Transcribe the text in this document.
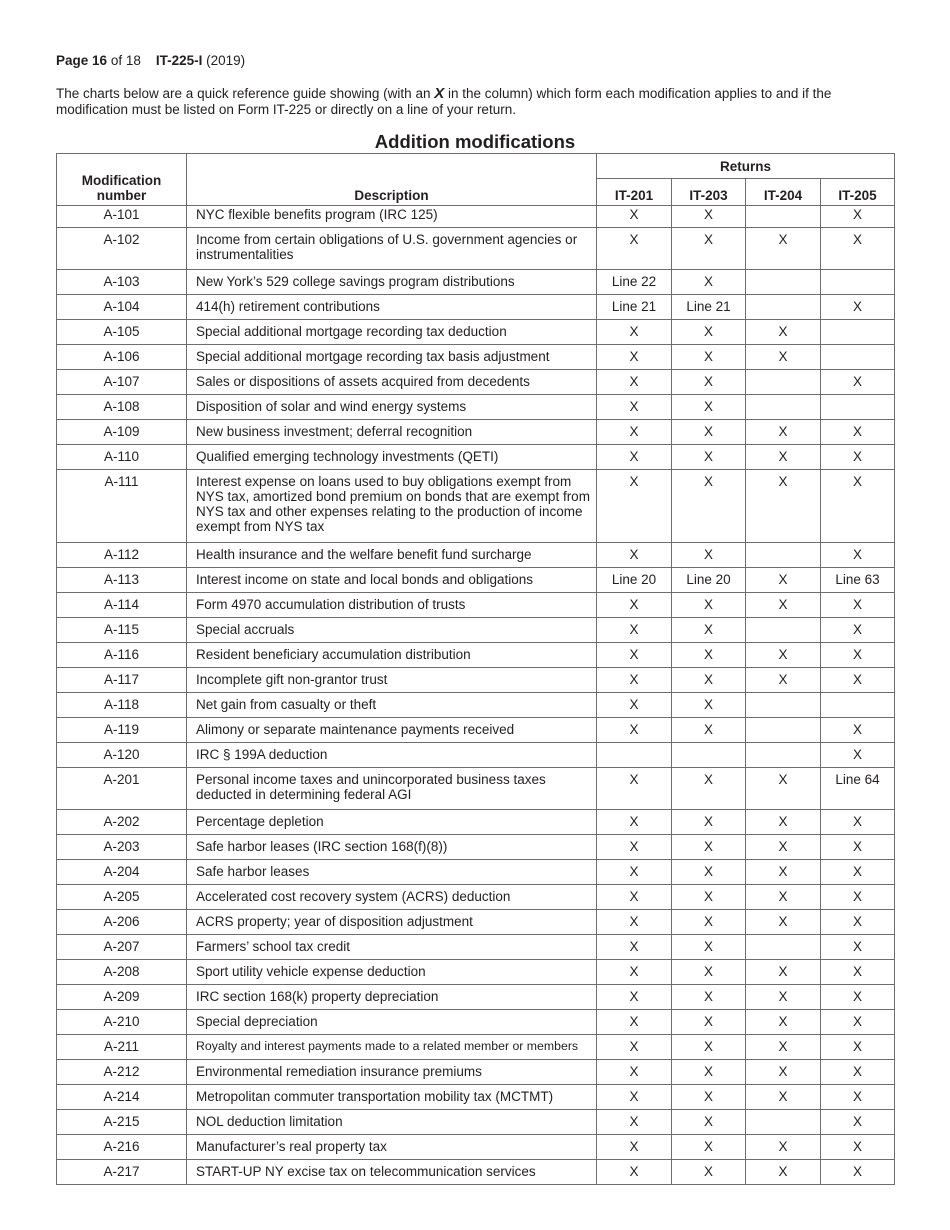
Page 16 of 18 IT-225-I (2019)
The charts below are a quick reference guide showing (with an X in the column) which form each modification applies to and if the modification must be listed on Form IT-225 or directly on a line of your return.
Addition modifications
Modification number	Description	Returns			
		IT-201	IT-203	IT-204	IT-205
A-101	NYC flexible benefits program (IRC 125)	X	X		X
A-102	Income from certain obligations of U.S. government agencies or instrumentalities	X	X	X	X
A-103	New York’s 529 college savings program distributions	Line 22	X		
A-104	414(h) retirement contributions	Line 21	Line 21		X
A-105	Special additional mortgage recording tax deduction	X	X	X	
A-106	Special additional mortgage recording tax basis adjustment	X	X	X	
A-107	Sales or dispositions of assets acquired from decedents	X	X		X
A-108	Disposition of solar and wind energy systems	X	X		
A-109	New business investment; deferral recognition	X	X	X	X
A-110	Qualified emerging technology investments (QETI)	X	X	X	X
A-111	Interest expense on loans used to buy obligations exempt from NYS tax, amortized bond premium on bonds that are exempt from NYS tax and other expenses relating to the production of income exempt from NYS tax	X	X	X	X
A-112	Health insurance and the welfare benefit fund surcharge	X	X		X
A-113	Interest income on state and local bonds and obligations	Line 20	Line 20	X	Line 63
A-114	Form 4970 accumulation distribution of trusts	X	X	X	X
A-115	Special accruals	X	X		X
A-116	Resident beneficiary accumulation distribution	X	X	X	X
A-117	Incomplete gift non-grantor trust	X	X	X	X
A-118	Net gain from casualty or theft	X	X		
A-119	Alimony or separate maintenance payments received	X	X		X
A-120	IRC § 199A deduction				X
A-201	Personal income taxes and unincorporated business taxes deducted in determining federal AGI	X	X	X	Line 64
A-202	Percentage depletion	X	X	X	X
A-203	Safe harbor leases (IRC section 168(f)(8))	X	X	X	X
A-204	Safe harbor leases	X	X	X	X
A-205	Accelerated cost recovery system (ACRS) deduction	X	X	X	X
A-206	ACRS property; year of disposition adjustment	X	X	X	X
A-207	Farmers’ school tax credit	X	X		X
A-208	Sport utility vehicle expense deduction	X	X	X	X
A-209	IRC section 168(k) property depreciation	X	X	X	X
A-210	Special depreciation	X	X	X	X
A-211	Royalty and interest payments made to a related member or members	X	X	X	X
A-212	Environmental remediation insurance premiums	X	X	X	X
A-214	Metropolitan commuter transportation mobility tax (MCTMT)	X	X	X	X
A-215	NOL deduction limitation	X	X		X
A-216	Manufacturer’s real property tax	X	X	X	X
A-217	START-UP NY excise tax on telecommunication services	X	X	X	X
